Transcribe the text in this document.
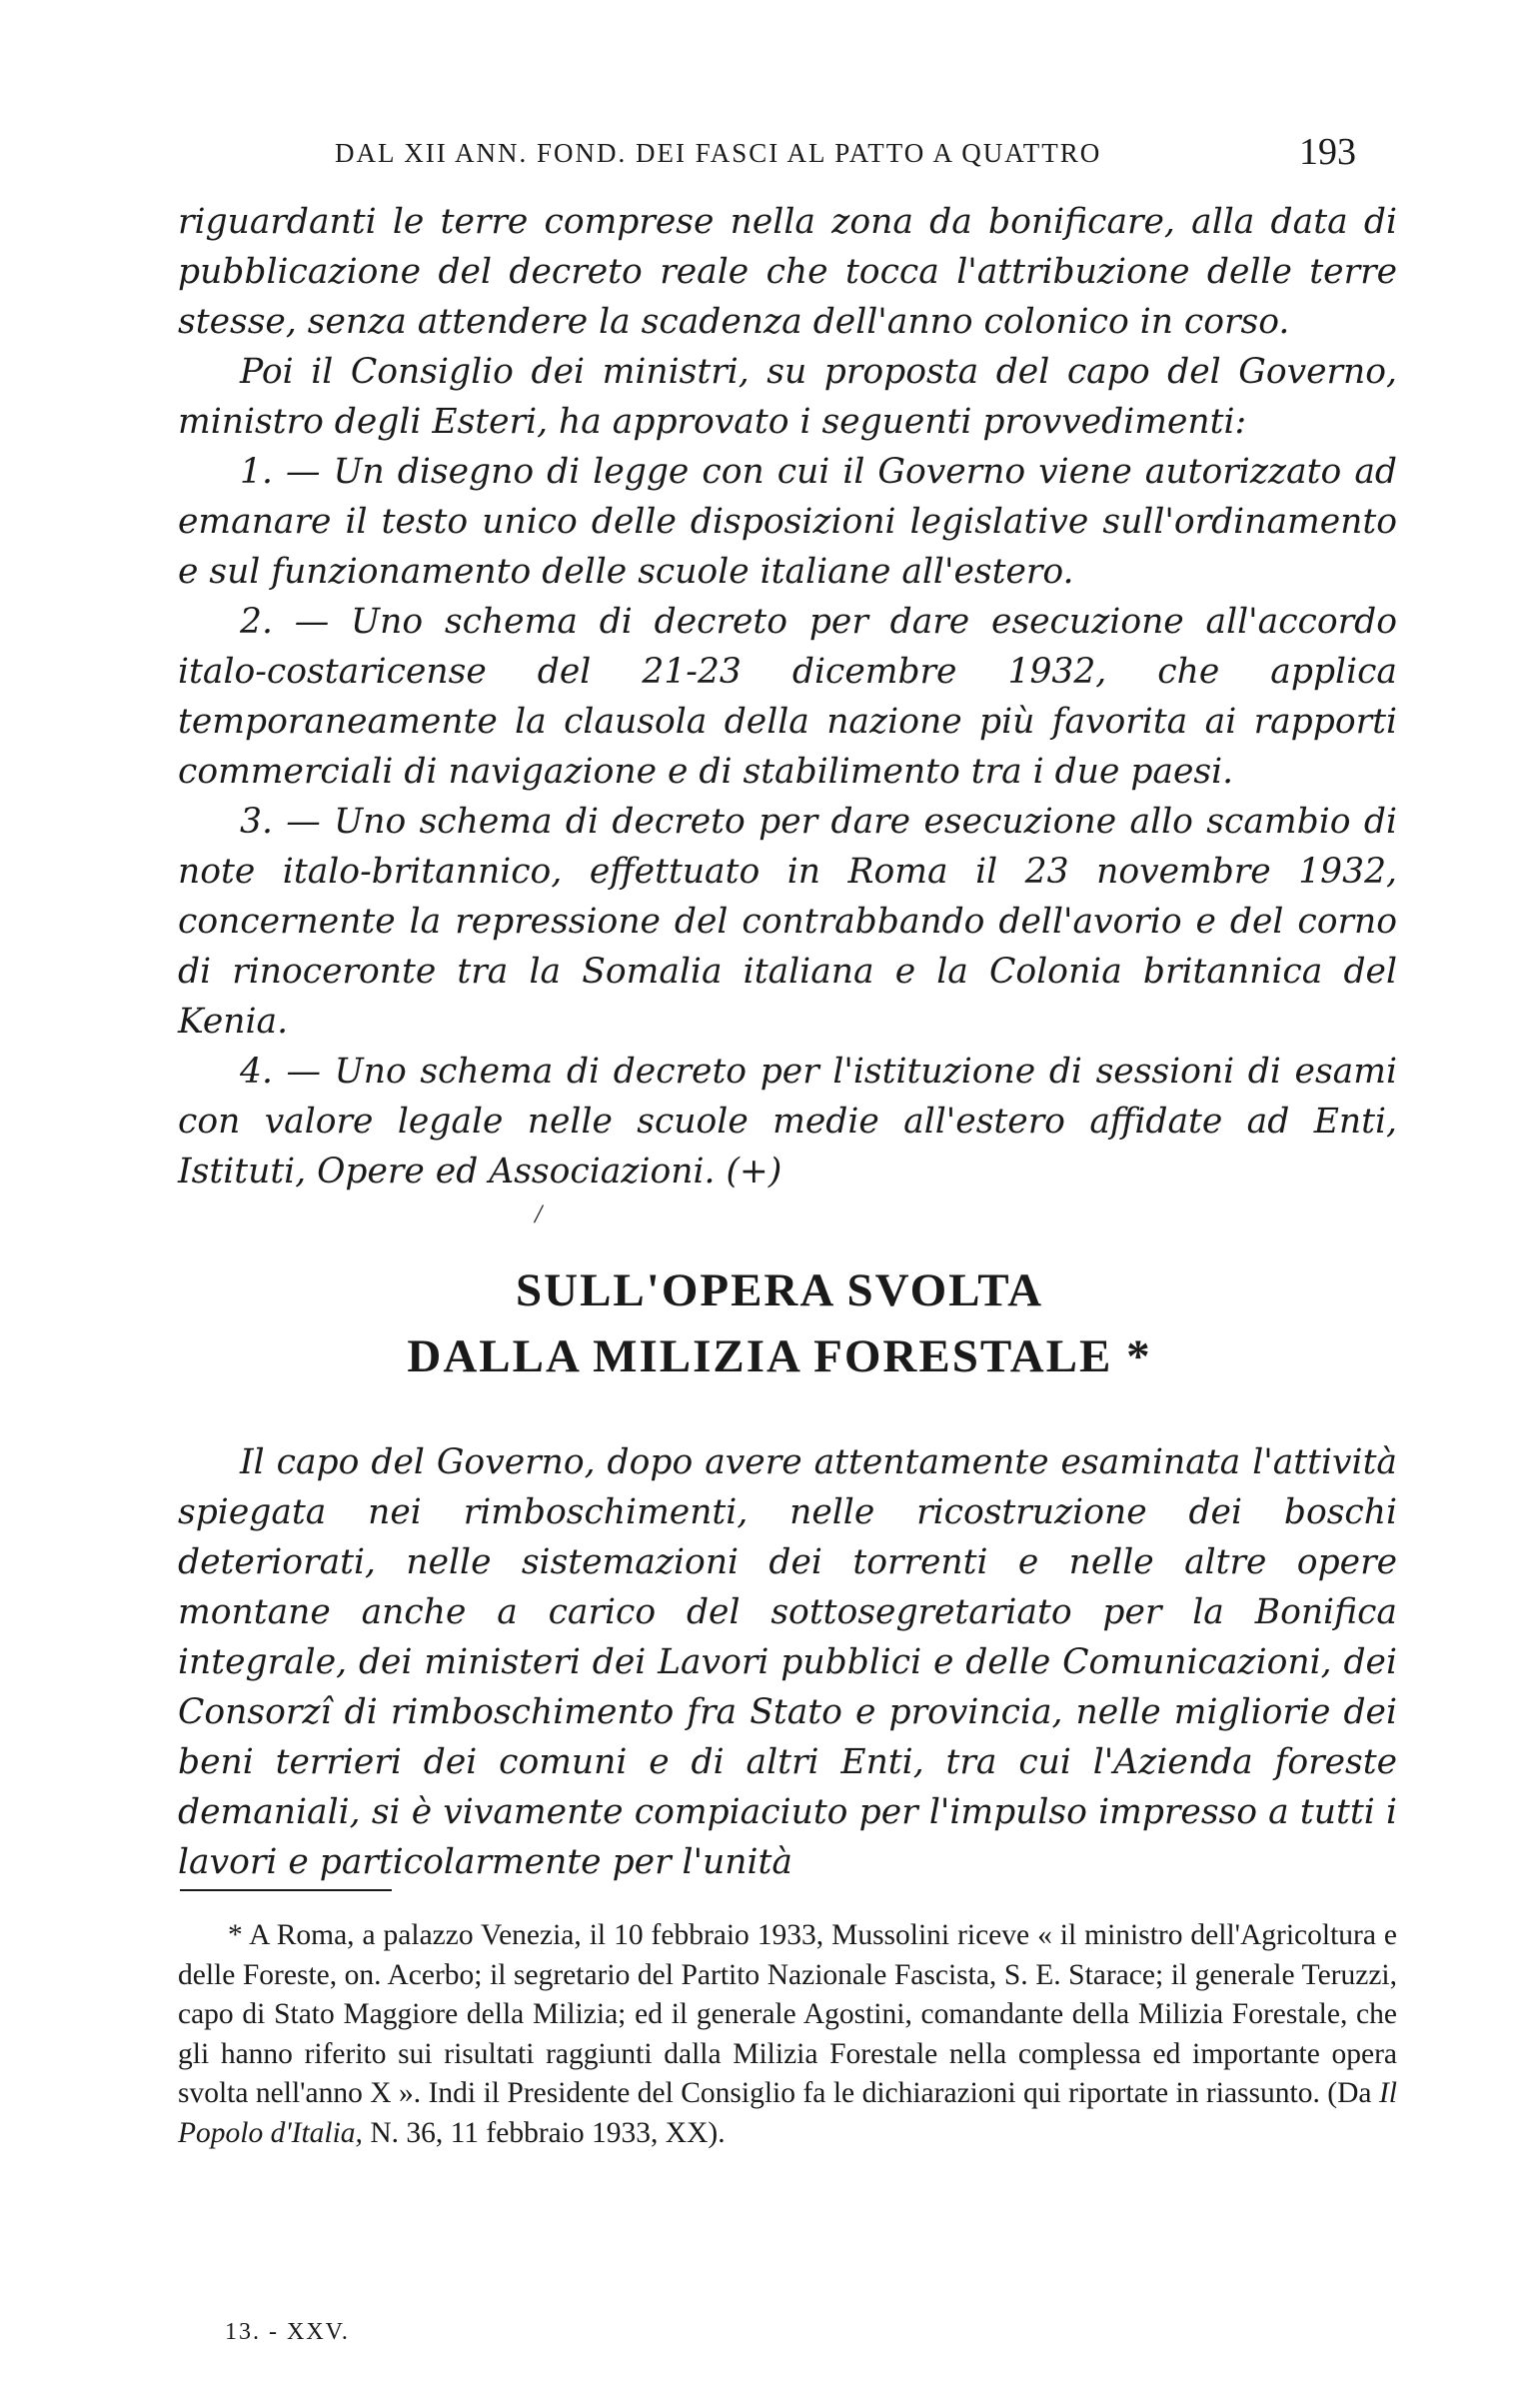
DAL XII ANN. FOND. DEI FASCI AL PATTO A QUATTRO	193

riguardanti le terre comprese nella zona da bonificare, alla data di pubblicazione del decreto reale che tocca l'attribuzione delle terre stesse, senza attendere la scadenza dell'anno colonico in corso.

Poi il Consiglio dei ministri, su proposta del capo del Governo, ministro degli Esteri, ha approvato i seguenti provvedimenti:

1. — Un disegno di legge con cui il Governo viene autorizzato ad emanare il testo unico delle disposizioni legislative sull'ordinamento e sul funzionamento delle scuole italiane all'estero.

2. — Uno schema di decreto per dare esecuzione all'accordo italo-costaricense del 21-23 dicembre 1932, che applica temporaneamente la clausola della nazione più favorita ai rapporti commerciali di navigazione e di stabilimento tra i due paesi.

3. — Uno schema di decreto per dare esecuzione allo scambio di note italo-britannico, effettuato in Roma il 23 novembre 1932, concernente la repressione del contrabbando dell'avorio e del corno di rinoceronte tra la Somalia italiana e la Colonia britannica del Kenia.

4. — Uno schema di decreto per l'istituzione di sessioni di esami con valore legale nelle scuole medie all'estero affidate ad Enti, Istituti, Opere ed Associazioni. (+)

/
SULL'OPERA SVOLTA
DALLA MILIZIA FORESTALE *

Il capo del Governo, dopo avere attentamente esaminata l'attività spiegata nei rimboschimenti, nelle ricostruzione dei boschi deteriorati, nelle sistemazioni dei torrenti e nelle altre opere montane anche a carico del sottosegretariato per la Bonifica integrale, dei ministeri dei Lavori pubblici e delle Comunicazioni, dei Consorzî di rimboschimento fra Stato e provincia, nelle migliorie dei beni terrieri dei comuni e di altri Enti, tra cui l'Azienda foreste demaniali, si è vivamente compiaciuto per l'impulso impresso a tutti i lavori e particolarmente per l'unità

* A Roma, a palazzo Venezia, il 10 febbraio 1933, Mussolini riceve « il ministro dell'Agricoltura e delle Foreste, on. Acerbo; il segretario del Partito Nazionale Fascista, S. E. Starace; il generale Teruzzi, capo di Stato Maggiore della Milizia; ed il generale Agostini, comandante della Milizia Forestale, che gli hanno riferito sui risultati raggiunti dalla Milizia Forestale nella complessa ed importante opera svolta nell'anno X ». Indi il Presidente del Consiglio fa le dichiarazioni qui riportate in riassunto. (Da Il Popolo d'Italia, N. 36, 11 febbraio 1933, XX).

13. - XXV.
